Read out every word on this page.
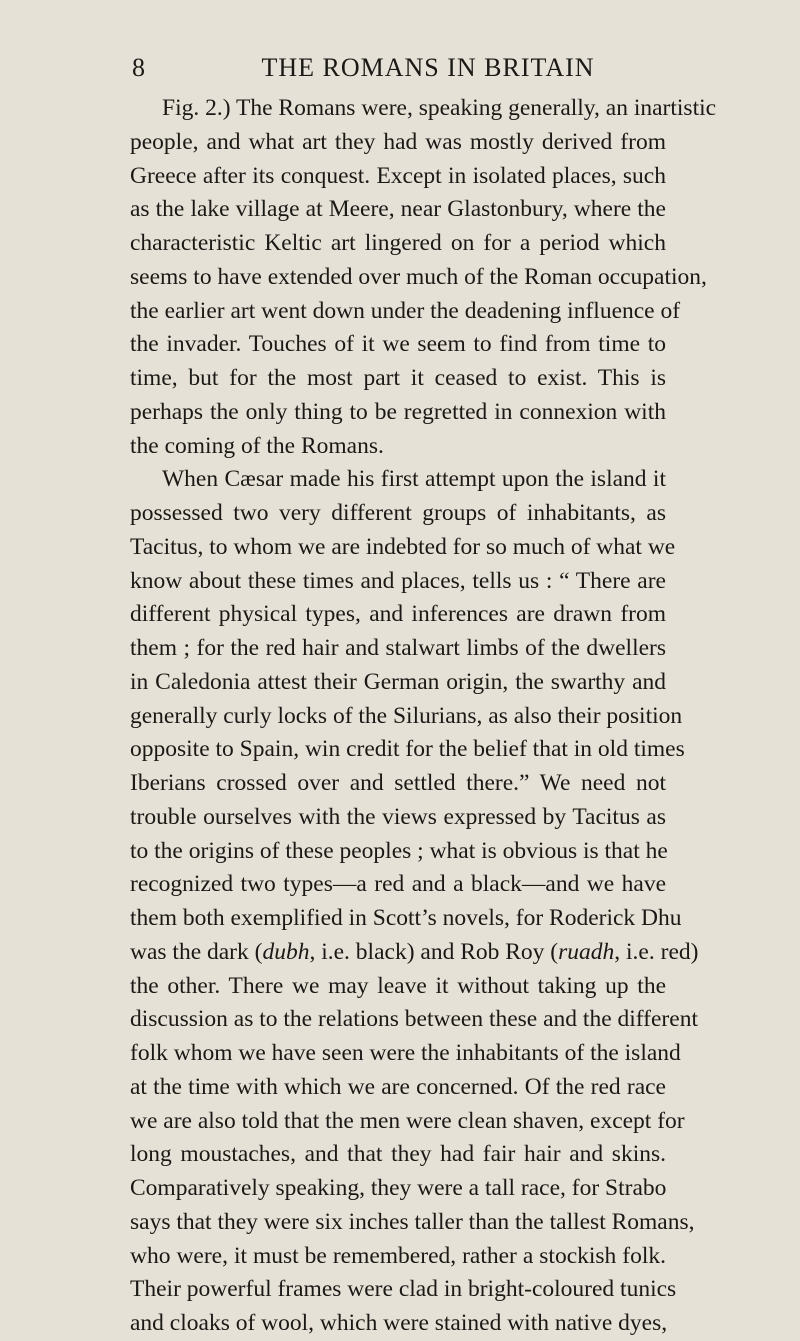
8	THE ROMANS IN BRITAIN
Fig. 2.) The Romans were, speaking generally, an inartistic
people, and what art they had was mostly derived from
Greece after its conquest. Except in isolated places, such
as the lake village at Meere, near Glastonbury, where the
characteristic Keltic art lingered on for a period which
seems to have extended over much of the Roman occupation,
the earlier art went down under the deadening influence of
the invader. Touches of it we seem to find from time to
time, but for the most part it ceased to exist. This is
perhaps the only thing to be regretted in connexion with
the coming of the Romans.
When Cæsar made his first attempt upon the island it
possessed two very different groups of inhabitants, as
Tacitus, to whom we are indebted for so much of what we
know about these times and places, tells us : “ There are
different physical types, and inferences are drawn from
them ; for the red hair and stalwart limbs of the dwellers
in Caledonia attest their German origin, the swarthy and
generally curly locks of the Silurians, as also their position
opposite to Spain, win credit for the belief that in old times
Iberians crossed over and settled there.” We need not
trouble ourselves with the views expressed by Tacitus as
to the origins of these peoples ; what is obvious is that he
recognized two types—a red and a black—and we have
them both exemplified in Scott’s novels, for Roderick Dhu
was the dark (dubh, i.e. black) and Rob Roy (ruadh, i.e. red)
the other. There we may leave it without taking up the
discussion as to the relations between these and the different
folk whom we have seen were the inhabitants of the island
at the time with which we are concerned. Of the red race
we are also told that the men were clean shaven, except for
long moustaches, and that they had fair hair and skins.
Comparatively speaking, they were a tall race, for Strabo
says that they were six inches taller than the tallest Romans,
who were, it must be remembered, rather a stockish folk.
Their powerful frames were clad in bright-coloured tunics
and cloaks of wool, which were stained with native dyes,
